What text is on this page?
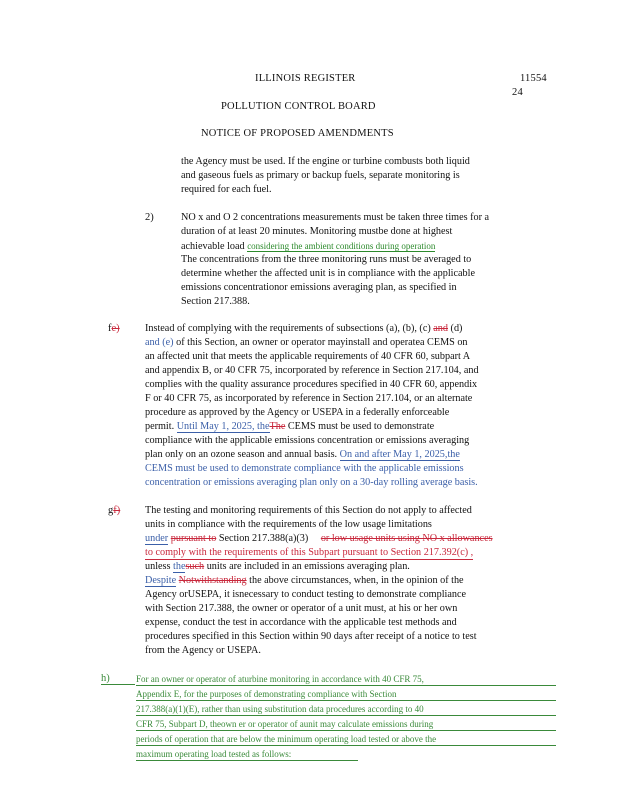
ILLINOIS REGISTER	11554
24
POLLUTION CONTROL BOARD
NOTICE OF PROPOSED AMENDMENTS
the Agency must be used. If the engine or turbine combusts both liquid
and gaseous fuels as primary or backup fuels, separate monitoring is
required for each fuel.
2)	NO x and O 2 concentrations measurements must be taken three times for a
duration of at least 20 minutes. Monitoring mustbe done at highest
achievable load considering the ambient conditions during operation
The concentrations from the three monitoring runs must be averaged to
determine whether the affected unit is in compliance with the applicable
emissions concentrationor emissions averaging plan, as specified in
Section 217.388.
fe) Instead of complying with the requirements of subsections (a), (b), (c) and (d)
and (e) of this Section, an owner or operator mayinstall and operatea CEMS on
an affected unit that meets the applicable requirements of 40 CFR 60, subpart A
and appendix B, or 40 CFR 75, incorporated by reference in Section 217.104, and
complies with the quality assurance procedures specified in 40 CFR 60, appendix
F or 40 CFR 75, as incorporated by reference in Section 217.104, or an alternate
procedure as approved by the Agency or USEPA in a federally enforceable
permit. Until May 1, 2025, theThe CEMS must be used to demonstrate
compliance with the applicable emissions concentration or emissions averaging
plan only on an ozone season and annual basis. On and after May 1, 2025,the
CEMS must be used to demonstrate compliance with the applicable emissions
concentration or emissions averaging plan only on a 30-day rolling average basis.
gf) The testing and monitoring requirements of this Section do not apply to affected
units in compliance with the requirements of the low usage limitations
under pursuant to Section 217.388(a)(3) or low usage units using NO x allowances
to comply with the requirements of this Subpart pursuant to Section 217.392(c) ,
unless thesuch units are included in an emissions averaging plan.
Despite Notwithstanding the above circumstances, when, in the opinion of the
Agency orUSEPA, it isnecessary to conduct testing to demonstrate compliance
with Section 217.388, the owner or operator of a unit must, at his or her own
expense, conduct the test in accordance with the applicable test methods and
procedures specified in this Section within 90 days after receipt of a notice to test
from the Agency or USEPA.
h)	For an owner or operator of aturbine monitoring in accordance with 40 CFR 75,
Appendix E, for the purposes of demonstrating compliance with Section
217.388(a)(1)(E), rather than using substitution data procedures according to 40
CFR 75, Subpart D, theown er or operator of aunit may calculate emissions during
periods of operation that are below the minimum operating load tested or above the
maximum operating load tested as follows:
